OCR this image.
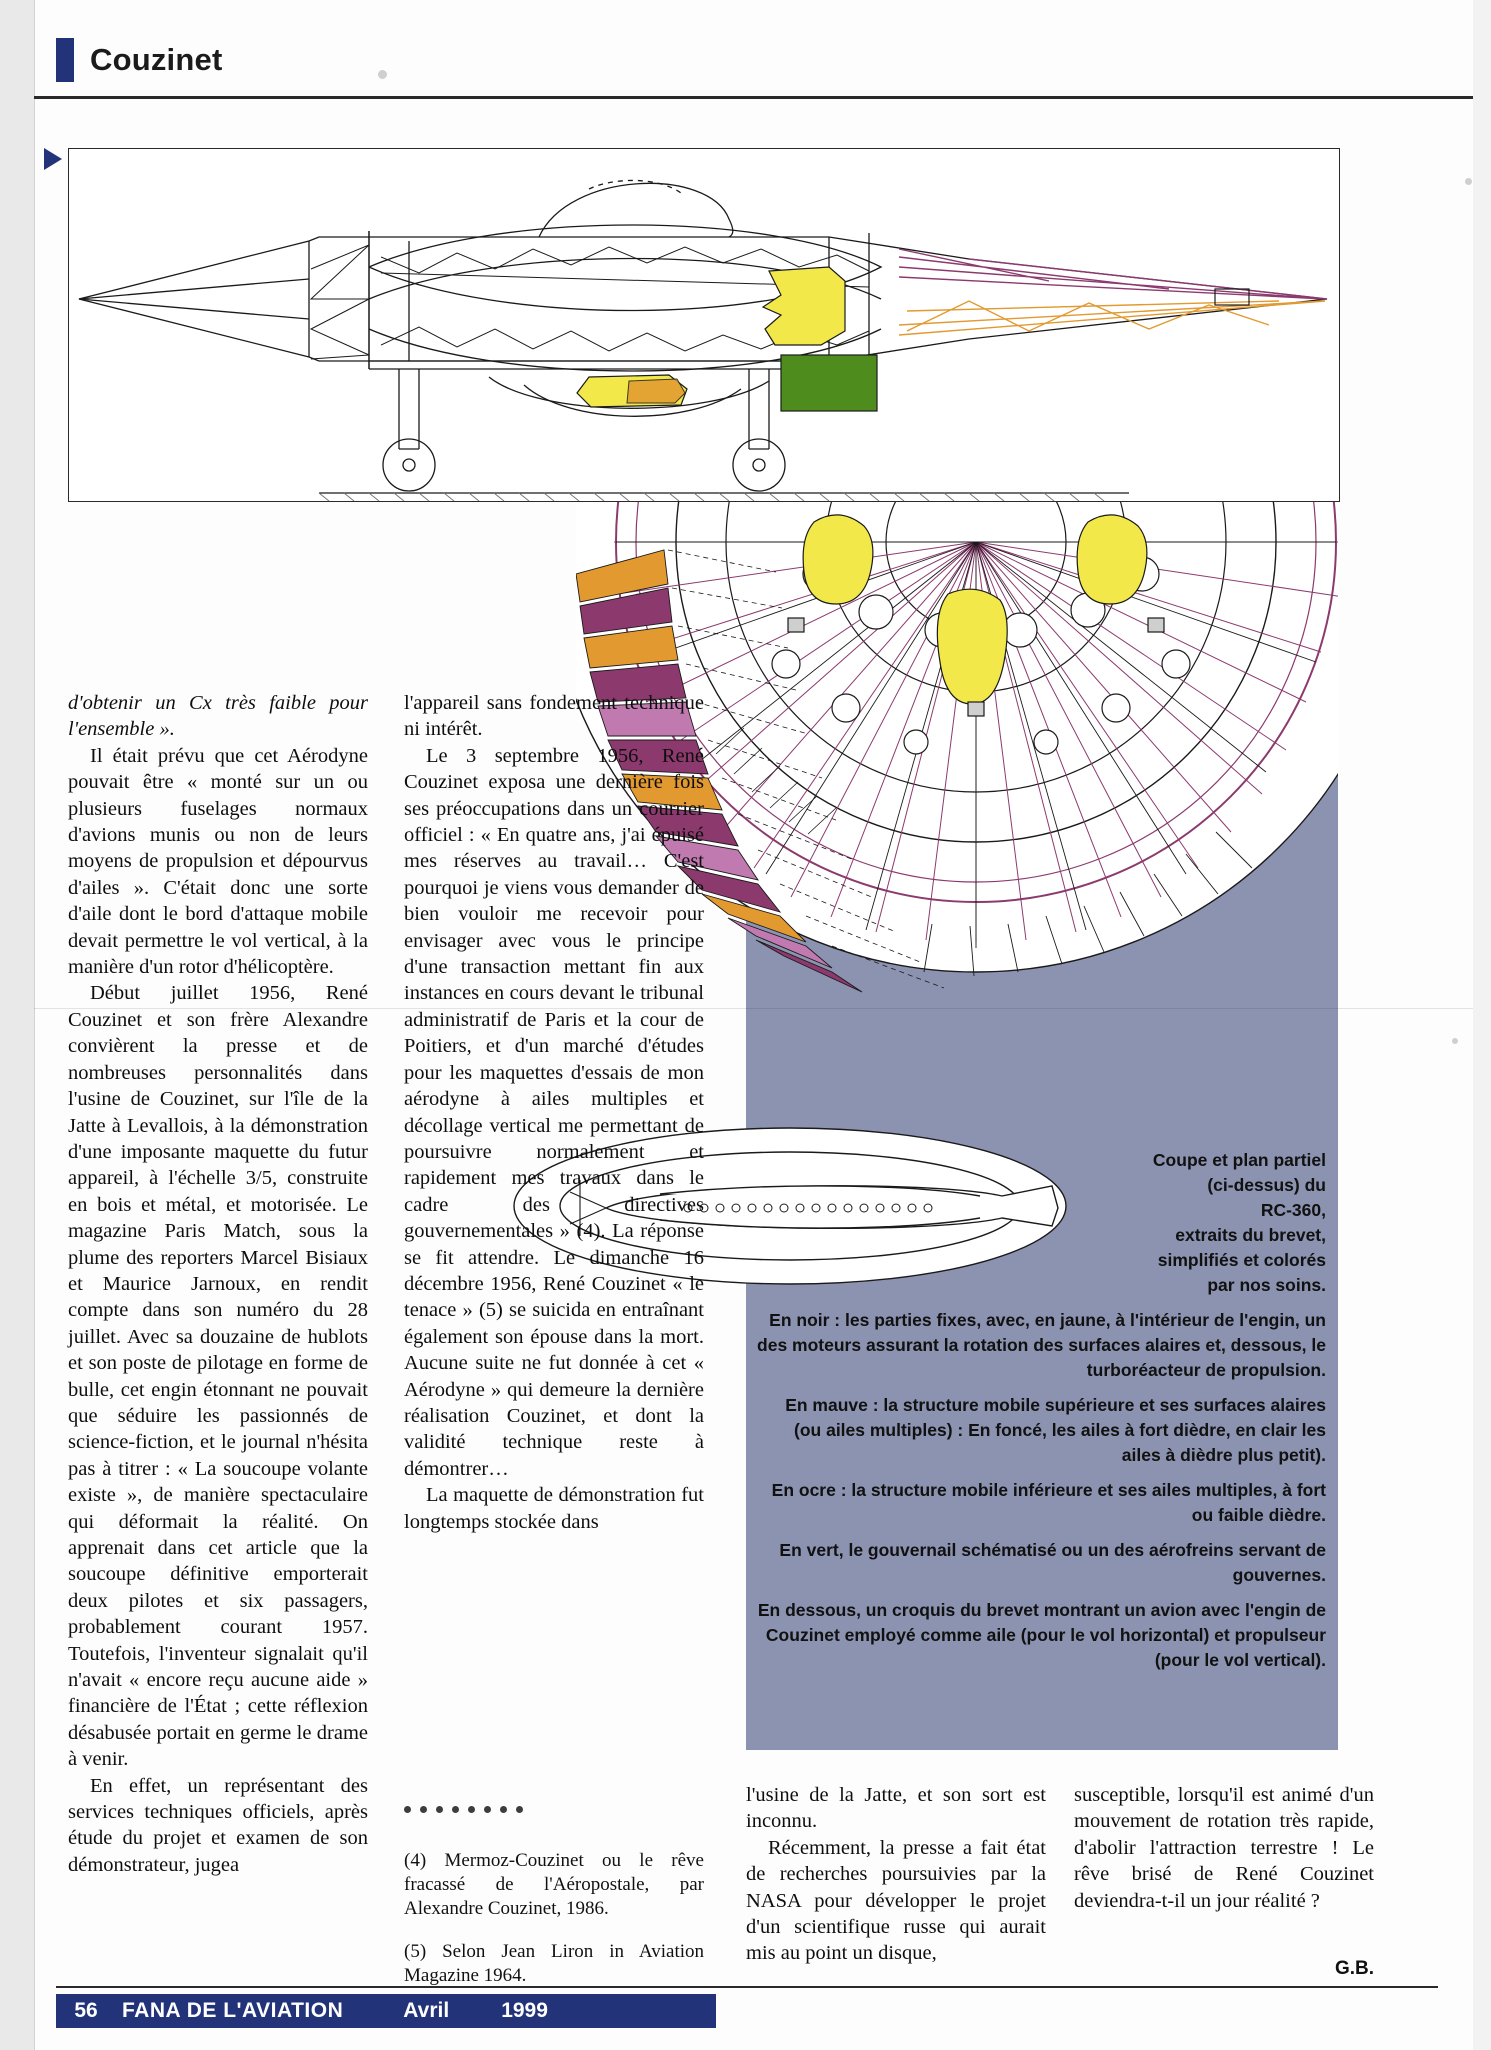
Couzinet

Coupe et plan partiel

(ci-dessus) du

RC-360,

extraits du brevet,

simplifiés et colorés

par nos soins.

En noir : les parties fixes, avec, en jaune, à l'intérieur de l'engin, un des moteurs assurant la rotation des surfaces alaires et, dessous, le turboréacteur de propulsion.

En mauve : la structure mobile supérieure et ses surfaces alaires (ou ailes multiples) : En foncé, les ailes à fort dièdre, en clair les ailes à dièdre plus petit).

En ocre : la structure mobile inférieure et ses ailes multiples, à fort ou faible dièdre.

En vert, le gouvernail schématisé ou un des aérofreins servant de gouvernes.

En dessous, un croquis du brevet montrant un avion avec l'engin de Couzinet employé comme aile (pour le vol horizontal) et propulseur (pour le vol vertical).

d'obtenir un Cx très faible pour l'ensemble ».

Il était prévu que cet Aérodyne pouvait être « monté sur un ou plusieurs fuselages normaux d'avions munis ou non de leurs moyens de propulsion et dépourvus d'ailes ». C'était donc une sorte d'aile dont le bord d'attaque mobile devait permettre le vol vertical, à la manière d'un rotor d'hélicoptère.

Début juillet 1956, René Couzinet et son frère Alexandre convièrent la presse et de nombreuses personnalités dans l'usine de Couzinet, sur l'île de la Jatte à Levallois, à la démonstration d'une imposante maquette du futur appareil, à l'échelle 3/5, construite en bois et métal, et motorisée. Le magazine Paris Match, sous la plume des reporters Marcel Bisiaux et Maurice Jarnoux, en rendit compte dans son numéro du 28 juillet. Avec sa douzaine de hublots et son poste de pilotage en forme de bulle, cet engin étonnant ne pouvait que séduire les passionnés de science-fiction, et le journal n'hésita pas à titrer : « La soucoupe volante existe », de manière spectaculaire qui déformait la réalité. On apprenait dans cet article que la soucoupe définitive emporterait deux pilotes et six passagers, probablement courant 1957. Toutefois, l'inventeur signalait qu'il n'avait « encore reçu aucune aide » financière de l'État ; cette réflexion désabusée portait en germe le drame à venir.

En effet, un représentant des services techniques officiels, après étude du projet et examen de son démonstrateur, jugea

l'appareil sans fondement technique ni intérêt.

Le 3 septembre 1956, René Couzinet exposa une dernière fois ses préoccupations dans un courrier officiel : « En quatre ans, j'ai épuisé mes réserves au travail… C'est pourquoi je viens vous demander de bien vouloir me recevoir pour envisager avec vous le principe d'une transaction mettant fin aux instances en cours devant le tribunal administratif de Paris et la cour de Poitiers, et d'un marché d'études pour les maquettes d'essais de mon aérodyne à ailes multiples et décollage vertical me permettant de poursuivre normalement et rapidement mes travaux dans le cadre des directives gouvernementales » (4). La réponse se fit attendre. Le dimanche 16 décembre 1956, René Couzinet « le tenace » (5) se suicida en entraînant également son épouse dans la mort. Aucune suite ne fut donnée à cet « Aérodyne » qui demeure la dernière réalisation Couzinet, et dont la validité technique reste à démontrer…

La maquette de démonstration fut longtemps stockée dans

(4) Mermoz-Couzinet ou le rêve fracassé de l'Aéropostale, par Alexandre Couzinet, 1986.

(5) Selon Jean Liron in Aviation Magazine 1964.

l'usine de la Jatte, et son sort est inconnu.

Récemment, la presse a fait état de recherches poursuivies par la NASA pour développer le projet d'un scientifique russe qui aurait mis au point un disque,

susceptible, lorsqu'il est animé d'un mouvement de rotation très rapide, d'abolir l'attraction terrestre ! Le rêve brisé de René Couzinet deviendra-t-il un jour réalité ?

G.B.
56	FANA DE L'AVIATION	Avril 1999
